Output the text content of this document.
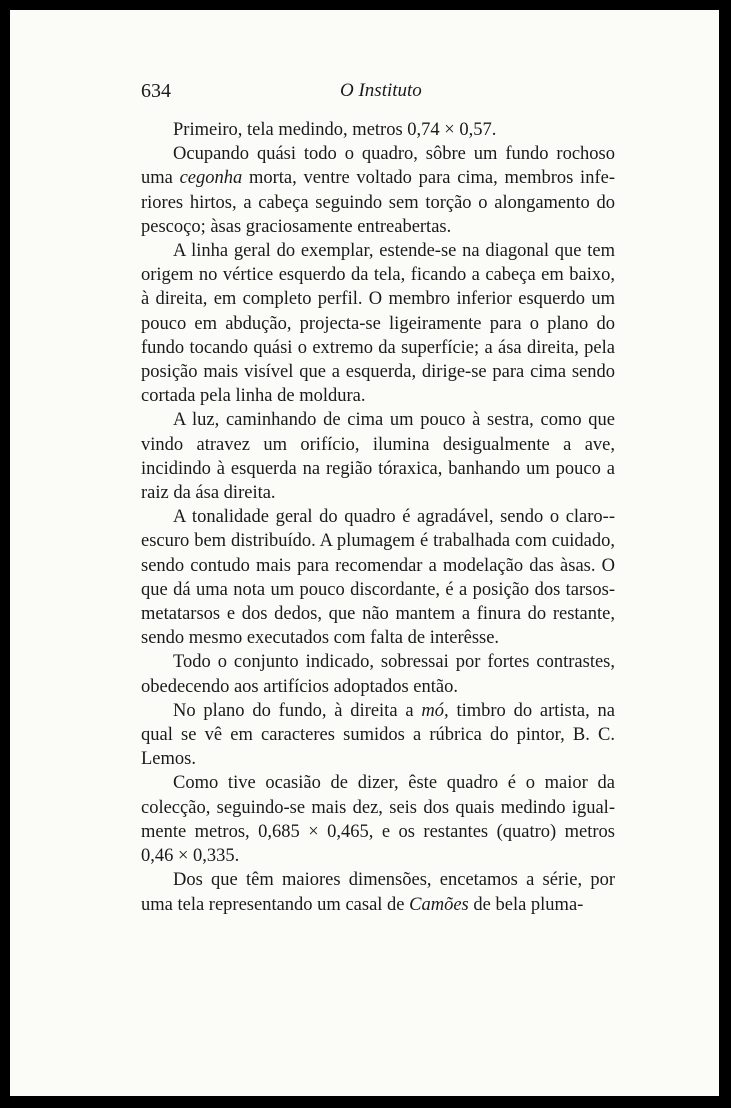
634	O Instituto

Primeiro, tela medindo, metros 0,74 × 0,57.

Ocupando quási todo o quadro, sôbre um fundo rochoso uma cegonha morta, ventre voltado para cima, membros inferiores hirtos, a cabeça seguindo sem torção o alongamento do pescoço; àsas graciosamente entreabertas.

A linha geral do exemplar, estende-se na diagonal que tem origem no vértice esquerdo da tela, ficando a cabeça em baixo, à direita, em completo perfil. O membro inferior esquerdo um pouco em abdução, projecta-se ligeiramente para o plano do fundo tocando quási o extremo da superfície; a ása direita, pela posição mais visível que a esquerda, dirige-se para cima sendo cortada pela linha de moldura.

A luz, caminhando de cima um pouco à sestra, como que vindo atravez um orifício, ilumina desigualmente a ave, incidindo à esquerda na região tóraxica, banhando um pouco a raiz da ása direita.

A tonalidade geral do quadro é agradável, sendo o claro-escuro bem distribuído. A plumagem é trabalhada com cuidado, sendo contudo mais para recomendar a modelação das àsas. O que dá uma nota um pouco discordante, é a posição dos tarsos-metatarsos e dos dedos, que não mantem a finura do restante, sendo mesmo executados com falta de interêsse.

Todo o conjunto indicado, sobressai por fortes contrastes, obedecendo aos artifícios adoptados então.

No plano do fundo, à direita a mó, timbro do artista, na qual se vê em caracteres sumidos a rúbrica do pintor, B. C. Lemos.

Como tive ocasião de dizer, êste quadro é o maior da colecção, seguindo-se mais dez, seis dos quais medindo igualmente metros, 0,685 × 0,465, e os restantes (quatro) metros 0,46 × 0,335.

Dos que têm maiores dimensões, encetamos a série, por uma tela representando um casal de Camões de bela pluma-
